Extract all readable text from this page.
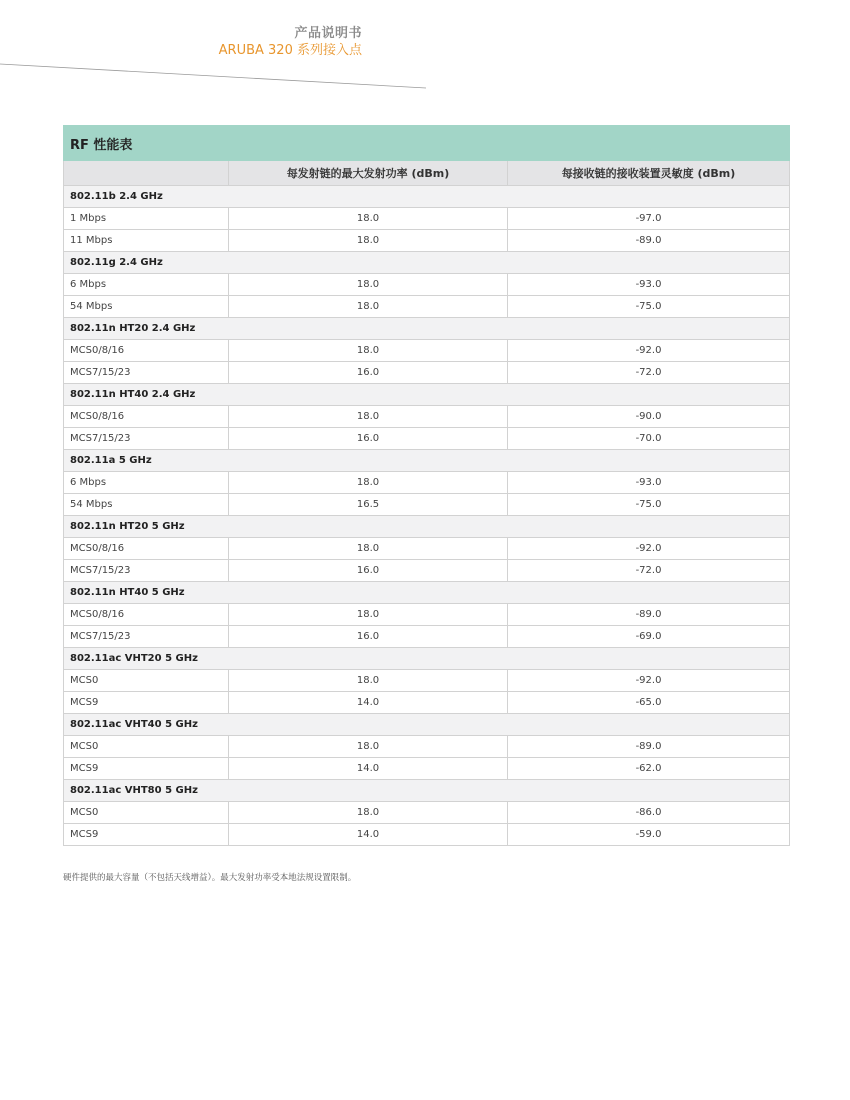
产品说明书
ARUBA 320 系列接入点
RF 性能表		
	每发射链的最大发射功率 (dBm)	每接收链的接收装置灵敏度 (dBm)
802.11b 2.4 GHz		
1 Mbps	18.0	-97.0
11 Mbps	18.0	-89.0
802.11g 2.4 GHz		
6 Mbps	18.0	-93.0
54 Mbps	18.0	-75.0
802.11n HT20 2.4 GHz		
MCS0/8/16	18.0	-92.0
MCS7/15/23	16.0	-72.0
802.11n HT40 2.4 GHz		
MCS0/8/16	18.0	-90.0
MCS7/15/23	16.0	-70.0
802.11a 5 GHz		
6 Mbps	18.0	-93.0
54 Mbps	16.5	-75.0
802.11n HT20 5 GHz		
MCS0/8/16	18.0	-92.0
MCS7/15/23	16.0	-72.0
802.11n HT40 5 GHz		
MCS0/8/16	18.0	-89.0
MCS7/15/23	16.0	-69.0
802.11ac VHT20 5 GHz		
MCS0	18.0	-92.0
MCS9	14.0	-65.0
802.11ac VHT40 5 GHz		
MCS0	18.0	-89.0
MCS9	14.0	-62.0
802.11ac VHT80 5 GHz		
MCS0	18.0	-86.0
MCS9	14.0	-59.0
硬件提供的最大容量（不包括天线增益）。最大发射功率受本地法规设置限制。
